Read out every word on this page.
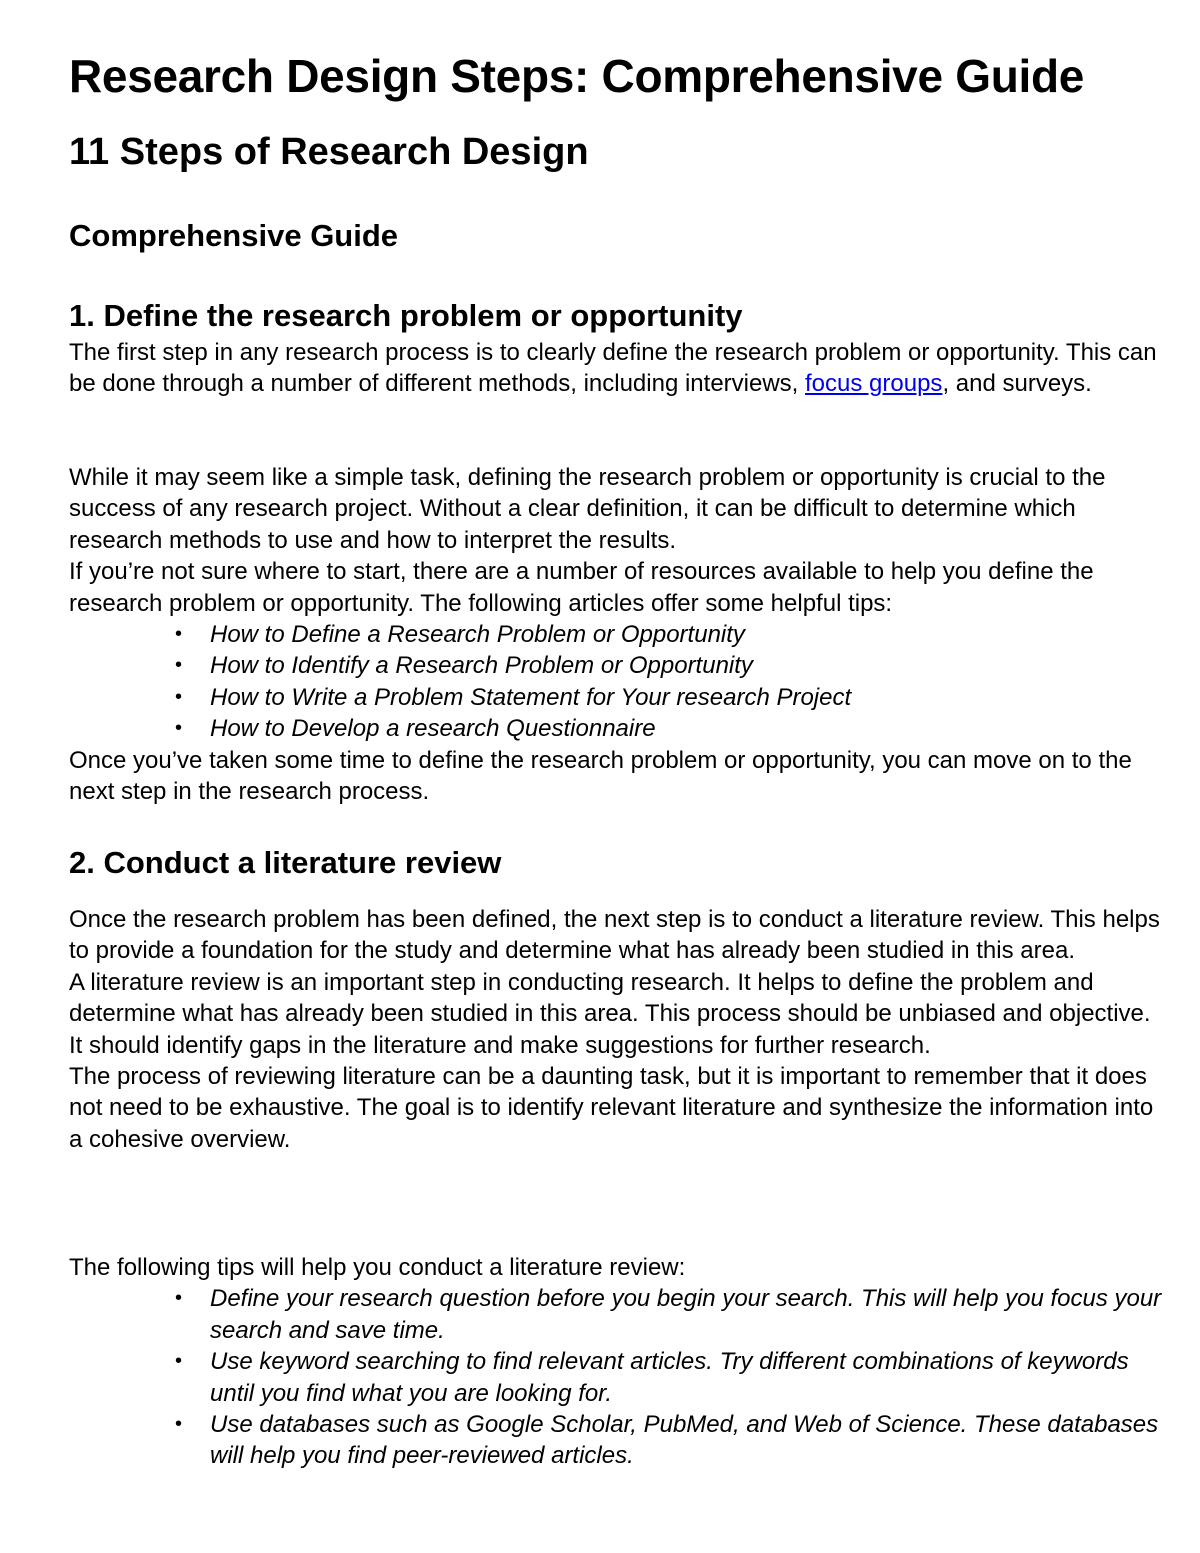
Research Design Steps: Comprehensive Guide
11 Steps of Research Design
Comprehensive Guide
1. Define the research problem or opportunity

The first step in any research process is to clearly define the research problem or opportunity. This can be done through a number of different methods, including interviews, focus groups, and surveys.

While it may seem like a simple task, defining the research problem or opportunity is crucial to the success of any research project. Without a clear definition, it can be difficult to determine which research methods to use and how to interpret the results.

If you’re not sure where to start, there are a number of resources available to help you define the research problem or opportunity. The following articles offer some helpful tips:

• How to Define a Research Problem or Opportunity
• How to Identify a Research Problem or Opportunity
• How to Write a Problem Statement for Your research Project
• How to Develop a research Questionnaire

Once you’ve taken some time to define the research problem or opportunity, you can move on to the next step in the research process.

2. Conduct a literature review

Once the research problem has been defined, the next step is to conduct a literature review. This helps to provide a foundation for the study and determine what has already been studied in this area.

A literature review is an important step in conducting research. It helps to define the problem and determine what has already been studied in this area. This process should be unbiased and objective. It should identify gaps in the literature and make suggestions for further research.

The process of reviewing literature can be a daunting task, but it is important to remember that it does not need to be exhaustive. The goal is to identify relevant literature and synthesize the information into a cohesive overview.

The following tips will help you conduct a literature review:

• Define your research question before you begin your search. This will help you focus your search and save time.
• Use keyword searching to find relevant articles. Try different combinations of keywords until you find what you are looking for.
• Use databases such as Google Scholar, PubMed, and Web of Science. These databases will help you find peer-reviewed articles.
